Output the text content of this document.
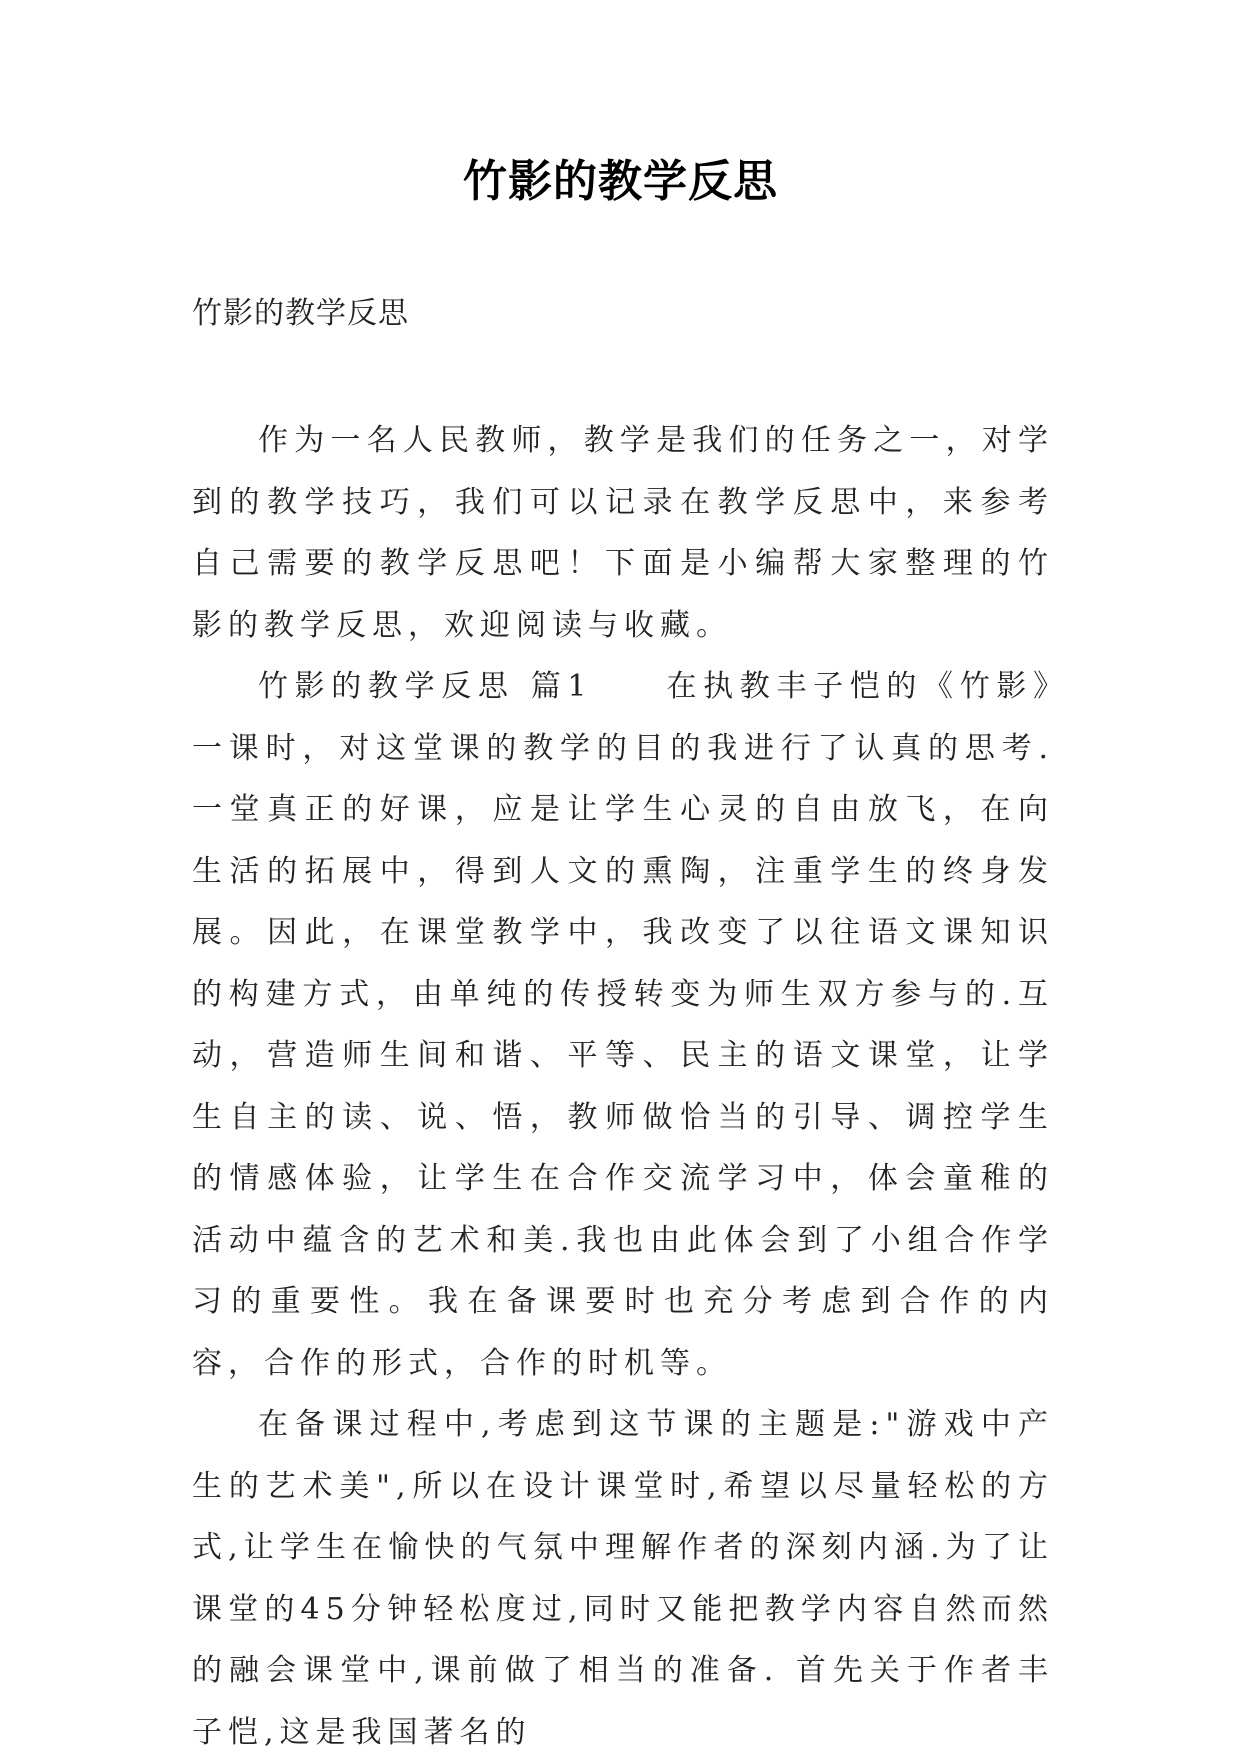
竹影的教学反思
竹影的教学反思

作为一名人民教师，教学是我们的任务之一，对学到的教学技巧，我们可以记录在教学反思中，来参考自己需要的教学反思吧！下面是小编帮大家整理的竹影的教学反思，欢迎阅读与收藏。

竹影的教学反思 篇1　　在执教丰子恺的《竹影》一课时，对这堂课的教学的目的我进行了认真的思考.一堂真正的好课，应是让学生心灵的自由放飞，在向生活的拓展中，得到人文的熏陶，注重学生的终身发展。因此，在课堂教学中，我改变了以往语文课知识的构建方式，由单纯的传授转变为师生双方参与的.互动，营造师生间和谐、平等、民主的语文课堂，让学生自主的读、说、悟，教师做恰当的引导、调控学生的情感体验，让学生在合作交流学习中，体会童稚的活动中蕴含的艺术和美.我也由此体会到了小组合作学习的重要性。我在备课要时也充分考虑到合作的内容，合作的形式，合作的时机等。

在备课过程中,考虑到这节课的主题是:"游戏中产生的艺术美",所以在设计课堂时,希望以尽量轻松的方式,让学生在愉快的气氛中理解作者的深刻内涵.为了让课堂的45分钟轻松度过,同时又能把教学内容自然而然的融会课堂中,课前做了相当的准备. 首先关于作者丰子恺,这是我国著名的
